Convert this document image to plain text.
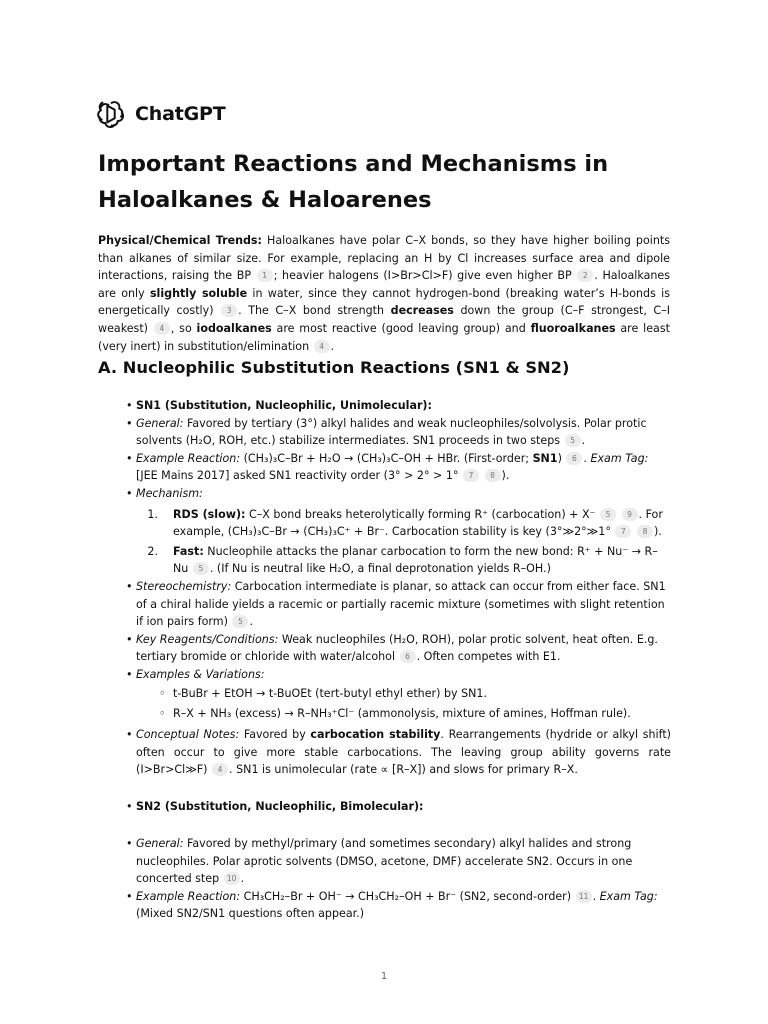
ChatGPT
Important Reactions and Mechanisms in Haloalkanes & Haloarenes

Physical/Chemical Trends: Haloalkanes have polar C–X bonds, so they have higher boiling points than alkanes of similar size. For example, replacing an H by Cl increases surface area and dipole interactions, raising the BP 1 ; heavier halogens (I>Br>Cl>F) give even higher BP 2 . Haloalkanes are only slightly soluble in water, since they cannot hydrogen-bond (breaking water’s H-bonds is energetically costly) 3 . The C–X bond strength decreases down the group (C–F strongest, C–I weakest) 4 , so iodoalkanes are most reactive (good leaving group) and fluoroalkanes are least (very inert) in substitution/elimination 4 .

A. Nucleophilic Substitution Reactions (SN1 & SN2)
• SN1 (Substitution, Nucleophilic, Unimolecular):
• General: Favored by tertiary (3°) alkyl halides and weak nucleophiles/solvolysis. Polar protic solvents (H₂O, ROH, etc.) stabilize intermediates. SN1 proceeds in two steps 5 .
• Example Reaction: (CH₃)₃C–Br + H₂O → (CH₃)₃C–OH + HBr. (First-order; SN1) 6 . Exam Tag: [JEE Mains 2017] asked SN1 reactivity order (3° > 2° > 1° 7 8 ).
• Mechanism:
1.	RDS (slow): C–X bond breaks heterolytically forming R⁺ (carbocation) + X⁻ 5 9 . For example, (CH₃)₃C–Br → (CH₃)₃C⁺ + Br⁻. Carbocation stability is key (3°≫2°≫1° 7 8 ).
2.	Fast: Nucleophile attacks the planar carbocation to form the new bond: R⁺ + Nu⁻ → R–Nu 5 . (If Nu is neutral like H₂O, a final deprotonation yields R–OH.)
• Stereochemistry: Carbocation intermediate is planar, so attack can occur from either face. SN1 of a chiral halide yields a racemic or partially racemic mixture (sometimes with slight retention if ion pairs form) 5 .
• Key Reagents/Conditions: Weak nucleophiles (H₂O, ROH), polar protic solvent, heat often. E.g. tertiary bromide or chloride with water/alcohol 6 . Often competes with E1.
• Examples & Variations:
◦ t-BuBr + EtOH → t-BuOEt (tert-butyl ethyl ether) by SN1.
◦ R–X + NH₃ (excess) → R–NH₃⁺Cl⁻ (ammonolysis, mixture of amines, Hoffman rule).
• Conceptual Notes: Favored by carbocation stability. Rearrangements (hydride or alkyl shift) often occur to give more stable carbocations. The leaving group ability governs rate (I>Br>Cl≫F) 4 . SN1 is unimolecular (rate ∝ [R–X]) and slows for primary R–X.
• SN2 (Substitution, Nucleophilic, Bimolecular):
• General: Favored by methyl/primary (and sometimes secondary) alkyl halides and strong nucleophiles. Polar aprotic solvents (DMSO, acetone, DMF) accelerate SN2. Occurs in one concerted step 10 .
• Example Reaction: CH₃CH₂–Br + OH⁻ → CH₃CH₂–OH + Br⁻ (SN2, second-order) 11 . Exam Tag: (Mixed SN2/SN1 questions often appear.)
1
